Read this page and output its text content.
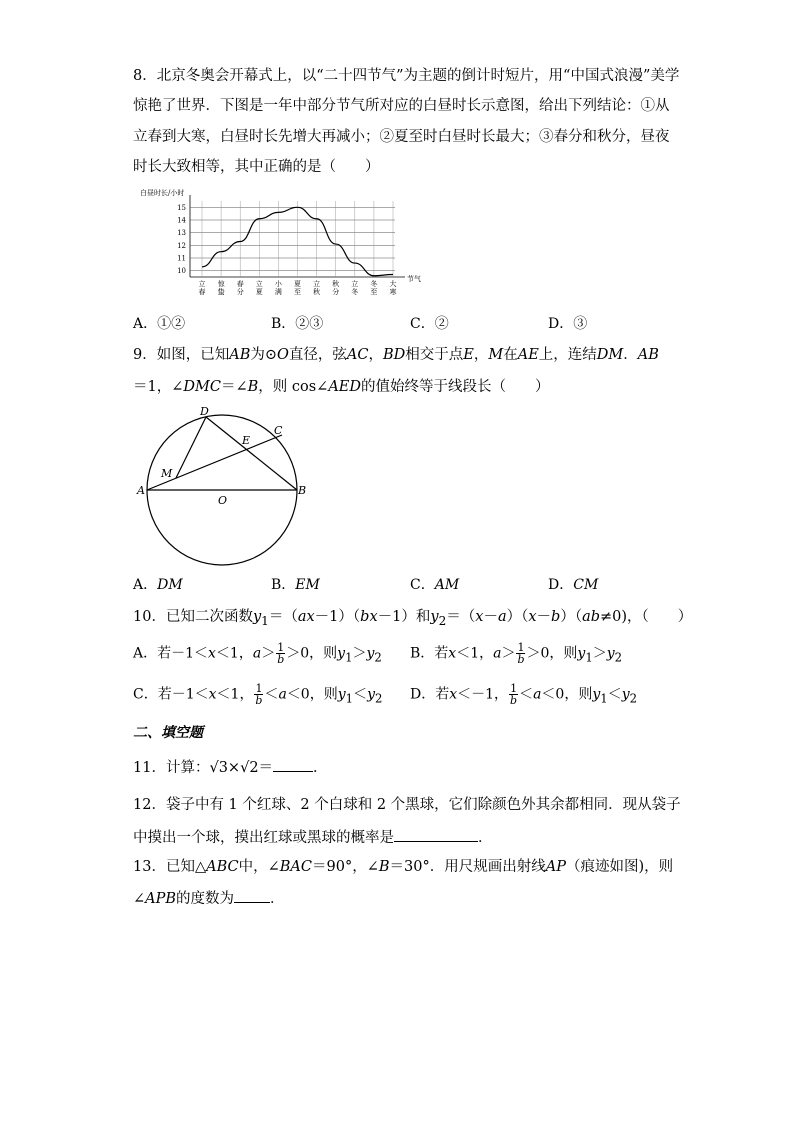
8．北京冬奥会开幕式上，以“二十四节气”为主题的倒计时短片，用“中国式浪漫”美学
惊艳了世界．下图是一年中部分节气所对应的白昼时长示意图，给出下列结论：①从
立春到大寒，白昼时长先增大再减小；②夏至时白昼时长最大；③春分和秋分，昼夜
时长大致相等，其中正确的是（　　）
白昼时长/小时
15
14
13
12
11
10
立
春
惊
蛰
春
分
立
夏
小
满
夏
至
立
秋
秋
分
立
冬
冬
至
大
寒
节气
A．①②	B．②③	C．②	D．③
9．如图，已知AB为⊙O直径，弦AC，BD相交于点E，M在AE上，连结DM．AB
＝1，∠DMC＝∠B，则 cos∠AED的值始终等于线段长（　　）
D
C
E
M
A
O
B
A．DM	B．EM	C．AM	D．CM
10．已知二次函数$y_1=(ax-1)(bx-1)$和$y_2=(x-a)(x-b)(ab\ne 0)$，（　　）
A．若－1＜x＜1，$a> \frac{1}{b} >0$，则$y_1>y_2$ B．若x＜1，$a> \frac{1}{b} >0$，则$y_1>y_2$
C．若－1＜x＜1， $\frac{1}{b} <a<0$，则$y_1<y_2$ D．若x＜－1， $\frac{1}{b} <a<0$，则$y_1<y_2$
二、填空题
11．计算：√3×√2＝	．
12．袋子中有 1 个红球、2 个白球和 2 个黑球，它们除颜色外其余都相同．现从袋子
中摸出一个球，摸出红球或黑球的概率是	．
13．已知△ABC中，∠BAC＝90°，∠B＝30°．用尺规画出射线AP（痕迹如图)，则
∠APB的度数为 ．
